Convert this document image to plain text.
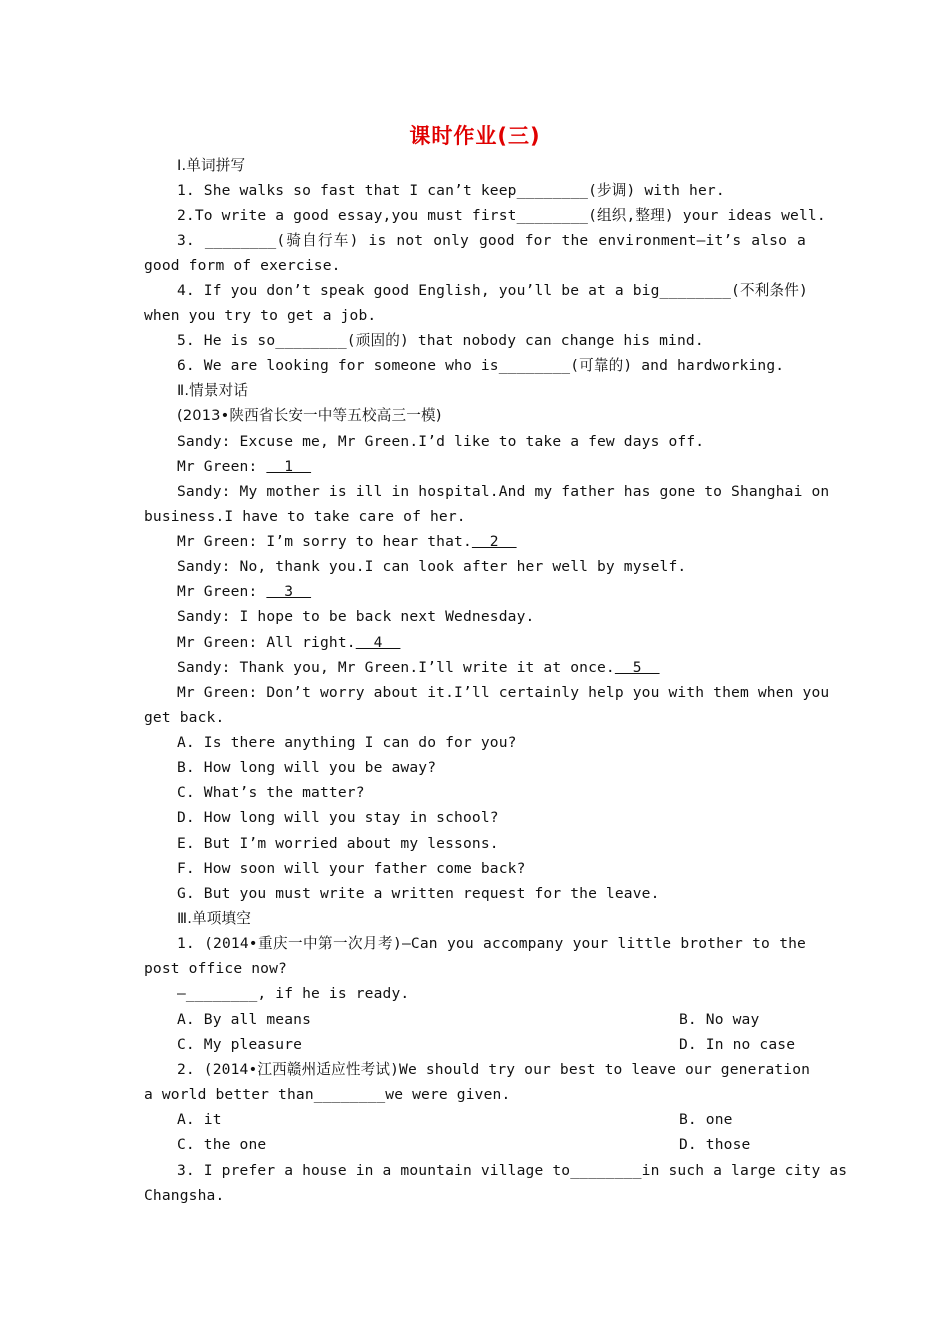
课时作业(三)
Ⅰ.单词拼写
1. She walks so fast that I can’t keep________(步调) with her.
2.To write a good essay,you must first________(组织,整理) your ideas well.
3. ________(骑自行车) is not only good for the environment—it’s also a
good form of exercise.
4. If you don’t speak good English, you’ll be at a big________(不利条件)
when you try to get a job.
5. He is so________(顽固的) that nobody can change his mind.
6. We are looking for someone who is________(可靠的) and hardworking.
Ⅱ.情景对话
(2013•陕西省长安一中等五校高三一模)
Sandy: Excuse me, Mr Green.I’d like to take a few days off.
Mr Green:   1
Sandy: My mother is ill in hospital.And my father has gone to Shanghai on
business.I have to take care of her.
Mr Green: I’m sorry to hear that.  2
Sandy: No, thank you.I can look after her well by myself.
Mr Green:   3
Sandy: I hope to be back next Wednesday.
Mr Green: All right.  4
Sandy: Thank you, Mr Green.I’ll write it at once.  5
Mr Green: Don’t worry about it.I’ll certainly help you with them when you
get back.
A. Is there anything I can do for you?
B. How long will you be away?
C. What’s the matter?
D. How long will you stay in school?
E. But I’m worried about my lessons.
F. How soon will your father come back?
G. But you must write a written request for the leave.
Ⅲ.单项填空
1. (2014•重庆一中第一次月考)—Can you accompany your little brother to the
post office now?
—________, if he is ready.
A. By all means	B. No way
C. My pleasure	D. In no case
2. (2014•江西赣州适应性考试)We should try our best to leave our generation
a world better than________we were given.
A. it	B. one
C. the one	D. those
3. I prefer a house in a mountain village to________in such a large city as
Changsha.
